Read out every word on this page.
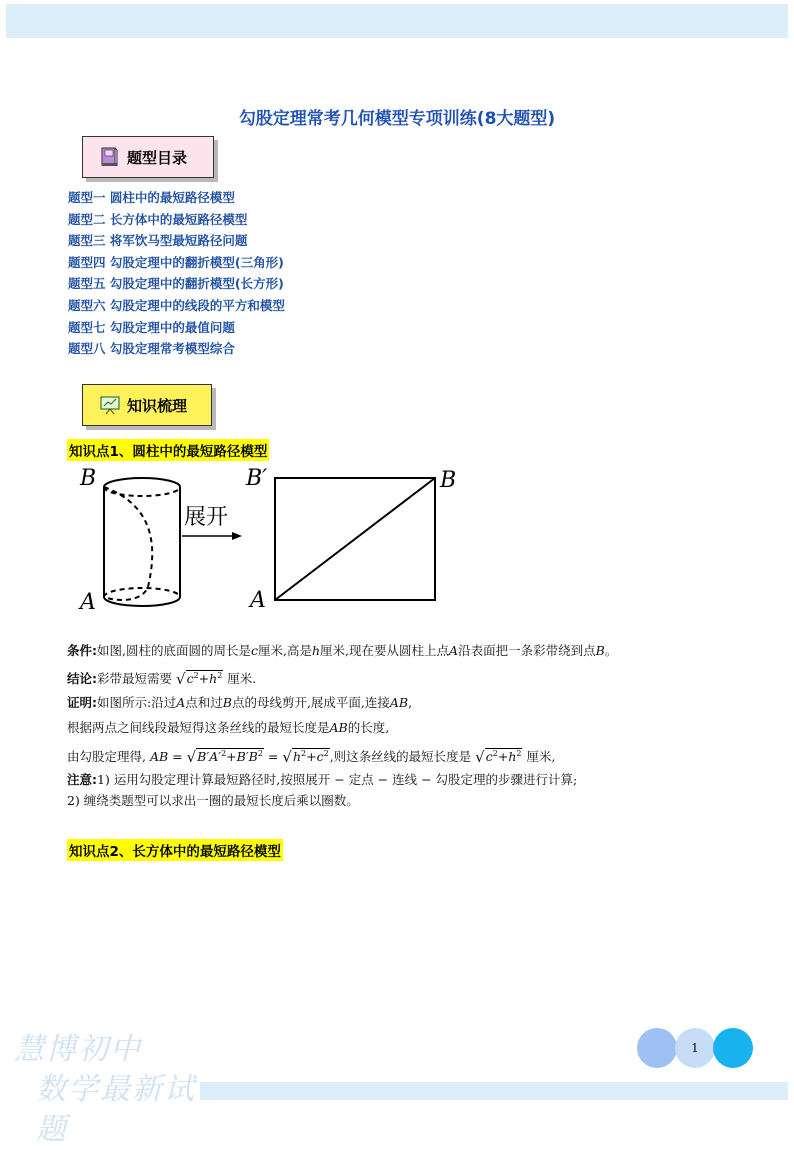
勾股定理常考几何模型专项训练(8大题型)
题型目录
题型一 圆柱中的最短路径模型
题型二 长方体中的最短路径模型
题型三 将军饮马型最短路径问题
题型四 勾股定理中的翻折模型(三角形)
题型五 勾股定理中的翻折模型(长方形)
题型六 勾股定理中的线段的平方和模型
题型七 勾股定理中的最值问题
题型八 勾股定理常考模型综合
知识梳理
知识点1、圆柱中的最短路径模型
B
A
展开
B′	B
A
条件:如图,圆柱的底面圆的周长是c厘米,高是h厘米,现在要从圆柱上点A沿表面把一条彩带绕到点B。
结论:彩带最短需要 $√c^2+h^2$ 厘米.
证明:如图所示:沿过A点和过B点的母线剪开,展成平面,连接AB,
根据两点之间线段最短得这条丝线的最短长度是AB的长度,
由勾股定理得, AB = $√B'A'^2+B'B^2 = √h^2+c^2$,则这条丝线的最短长度是 $√c^2+h^2$ 厘米,
注意:1) 运用勾股定理计算最短路径时,按照展开 − 定点 − 连线 − 勾股定理的步骤进行计算;
2) 缠绕类题型可以求出一圈的最短长度后乘以圈数。
知识点2、长方体中的最短路径模型
慧博初中
数学最新试题
1
